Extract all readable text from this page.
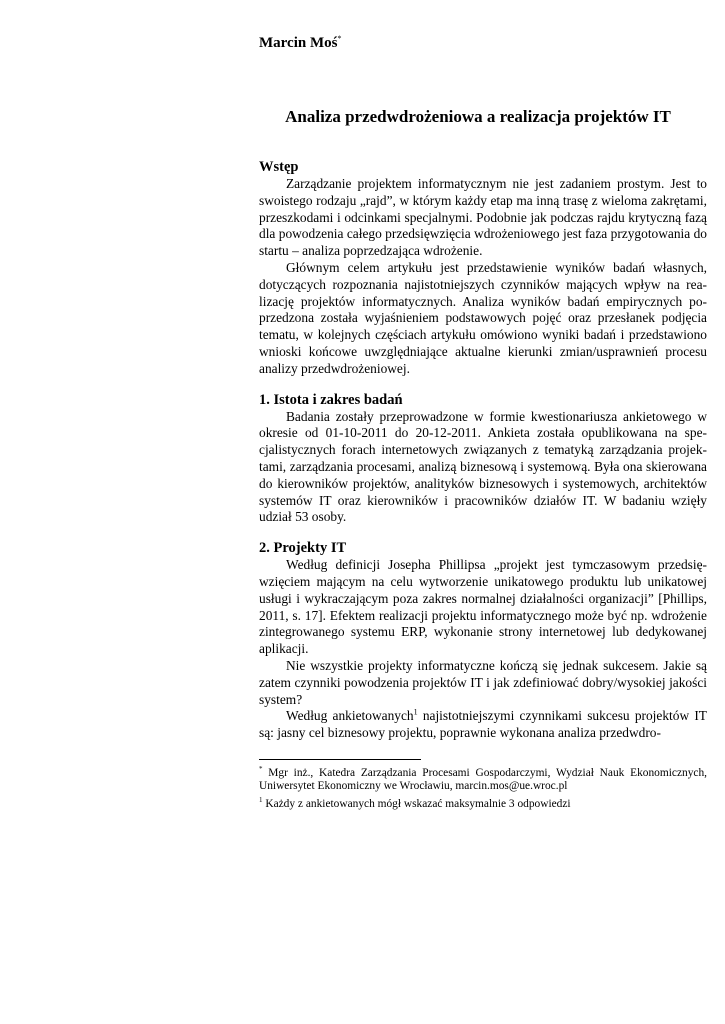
Marcin Moś*
Analiza przedwdrożeniowa a realizacja projektów IT
Wstęp

Zarządzanie projektem informatycznym nie jest zadaniem prostym. Jest to swoistego rodzaju „rajd”, w którym każdy etap ma inną trasę z wieloma zakrętami, przeszkodami i odcinkami specjalnymi. Podobnie jak podczas rajdu krytyczną fazą dla powodzenia całego przedsięwzięcia wdrożeniowego jest faza przygotowania do startu – analiza poprzedzająca wdrożenie.

Głównym celem artykułu jest przedstawienie wyników badań własnych, dotyczących rozpoznania najistotniejszych czynników mających wpływ na realizację projektów informatycznych. Analiza wyników badań empirycznych poprzedzona została wyjaśnieniem podstawowych pojęć oraz przesłanek podjęcia tematu, w kolejnych częściach artykułu omówiono wyniki badań i przedstawiono wnioski końcowe uwzględniające aktualne kierunki zmian/usprawnień procesu analizy przedwdrożeniowej.

1. Istota i zakres badań

Badania zostały przeprowadzone w formie kwestionariusza ankietowego w okresie od 01-10-2011 do 20-12-2011. Ankieta została opublikowana na specjalistycznych forach internetowych związanych z tematyką zarządzania projektami, zarządzania procesami, analizą biznesową i systemową. Była ona skierowana do kierowników projektów, analityków biznesowych i systemowych, architektów systemów IT oraz kierowników i pracowników działów IT. W badaniu wzięły udział 53 osoby.

2. Projekty IT

Według definicji Josepha Phillipsa „projekt jest tymczasowym przedsięwzięciem mającym na celu wytworzenie unikatowego produktu lub unikatowej usługi i wykraczającym poza zakres normalnej działalności organizacji” [Phillips, 2011, s. 17]. Efektem realizacji projektu informatycznego może być np. wdrożenie zintegrowanego systemu ERP, wykonanie strony internetowej lub dedykowanej aplikacji.

Nie wszystkie projekty informatyczne kończą się jednak sukcesem. Jakie są zatem czynniki powodzenia projektów IT i jak zdefiniować dobry/wysokiej jakości system?

Według ankietowanych$^1$ najistotniejszymi czynnikami sukcesu projektów IT są: jasny cel biznesowy projektu, poprawnie wykonana analiza przedwdro-

* Mgr inż., Katedra Zarządzania Procesami Gospodarczymi, Wydział Nauk Ekonomicznych, Uniwersytet Ekonomiczny we Wrocławiu, marcin.mos@ue.wroc.pl
$^1$ Każdy z ankietowanych mógł wskazać maksymalnie 3 odpowiedzi
